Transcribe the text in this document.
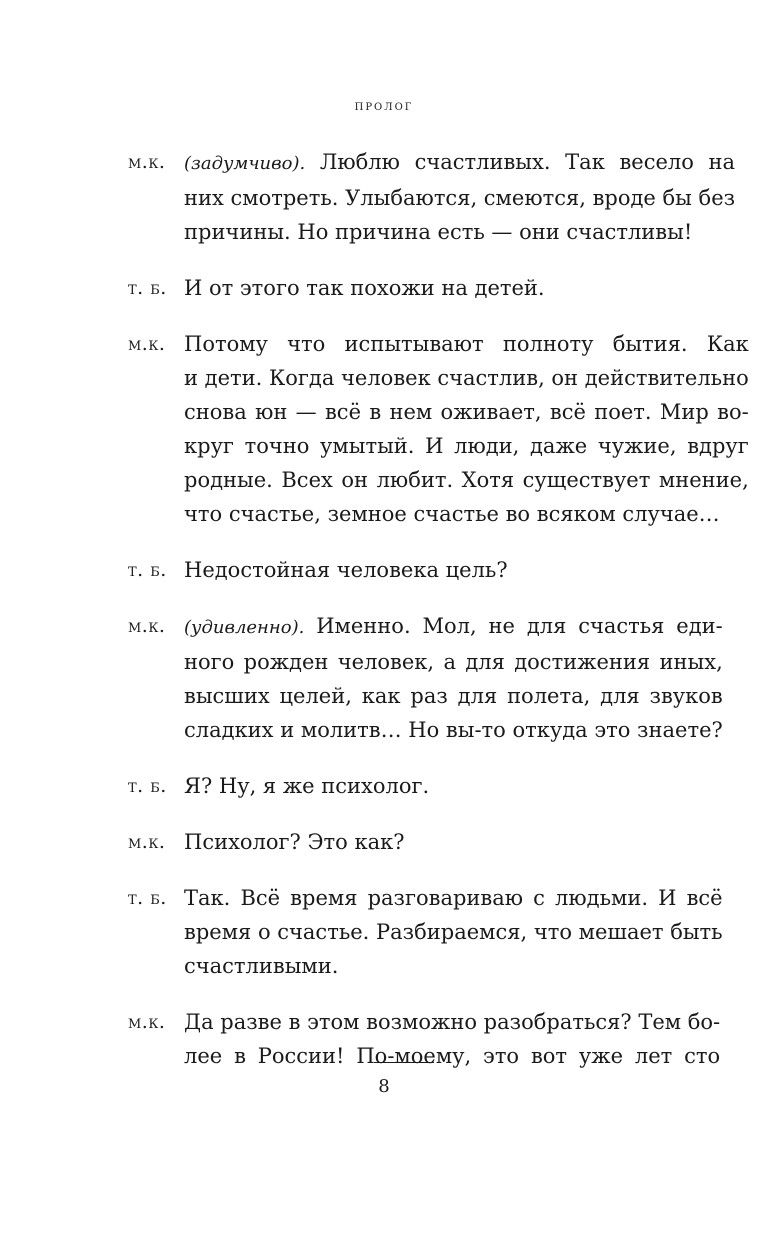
пролог
м.к.	(задумчиво). Люблю счастливых. Так весело на
них смотреть. Улыбаются, смеются, вроде бы без
причины. Но причина есть — они счастливы!
т. б. И от этого так похожи на детей.
м.к. Потому что испытывают полноту бытия. Как
и дети. Когда человек счастлив, он действительно
снова юн — всё в нем оживает, всё поет. Мир во-
круг точно умытый. И люди, даже чужие, вдруг
родные. Всех он любит. Хотя существует мнение,
что счастье, земное счастье во всяком случае…
т. б. Недостойная человека цель?
м.к.	(удивленно). Именно. Мол, не для счастья еди-
ного рожден человек, а для достижения иных,
высших целей, как раз для полета, для звуков
сладких и молитв… Но вы-то откуда это знаете?
т. б. Я? Ну, я же психолог.
м.к. Психолог? Это как?
т. б. Так. Всё время разговариваю с людьми. И всё
время о счастье. Разбираемся, что мешает быть
счастливыми.
м.к. Да разве в этом возможно разобраться? Тем бо-
лее в России! По-моему, это вот уже лет сто
8
